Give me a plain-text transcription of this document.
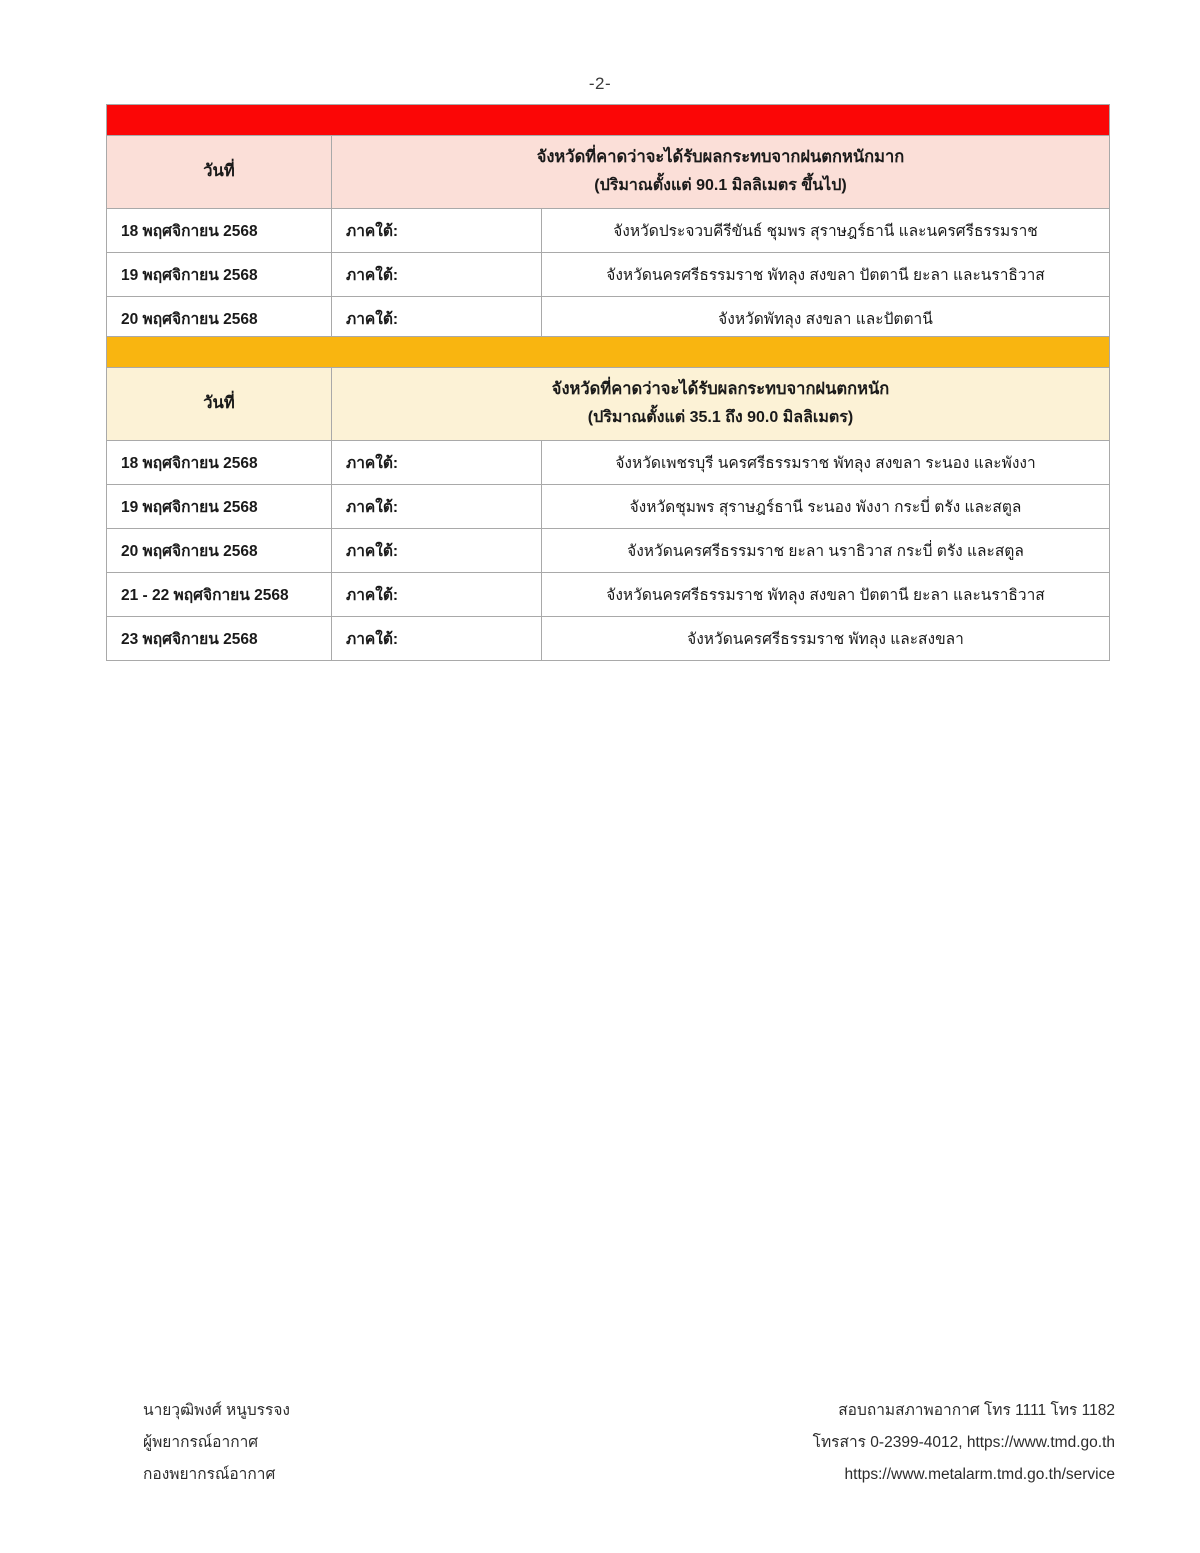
-2-

วันที่	จังหวัดที่คาดว่าจะได้รับผลกระทบจากฝนตกหนักมาก
(ปริมาณตั้งแต่ 90.1 มิลลิเมตร ขึ้นไป)	

18 พฤศจิกายน 2568	ภาคใต้:	จังหวัดประจวบคีรีขันธ์ ชุมพร สุราษฎร์ธานี และนครศรีธรรมราช
19 พฤศจิกายน 2568	ภาคใต้:	จังหวัดนครศรีธรรมราช พัทลุง สงขลา ปัตตานี ยะลา และนราธิวาส
20 พฤศจิกายน 2568	ภาคใต้:	จังหวัดพัทลุง สงขลา และปัตตานี

วันที่	จังหวัดที่คาดว่าจะได้รับผลกระทบจากฝนตกหนัก
(ปริมาณตั้งแต่ 35.1 ถึง 90.0 มิลลิเมตร)	

18 พฤศจิกายน 2568	ภาคใต้:	จังหวัดเพชรบุรี นครศรีธรรมราช พัทลุง สงขลา ระนอง และพังงา
19 พฤศจิกายน 2568	ภาคใต้:	จังหวัดชุมพร สุราษฎร์ธานี ระนอง พังงา กระบี่ ตรัง และสตูล
20 พฤศจิกายน 2568	ภาคใต้:	จังหวัดนครศรีธรรมราช ยะลา นราธิวาส กระบี่ ตรัง และสตูล
21 - 22 พฤศจิกายน 2568	ภาคใต้:	จังหวัดนครศรีธรรมราช พัทลุง สงขลา ปัตตานี ยะลา และนราธิวาส
23 พฤศจิกายน 2568	ภาคใต้:	จังหวัดนครศรีธรรมราช พัทลุง และสงขลา
นายวุฒิพงศ์ หนูบรรจง
ผู้พยากรณ์อากาศ
กองพยากรณ์อากาศ
สอบถามสภาพอากาศ โทร 1111 โทร 1182
โทรสาร 0-2399-4012, https://www.tmd.go.th
https://www.metalarm.tmd.go.th/service
